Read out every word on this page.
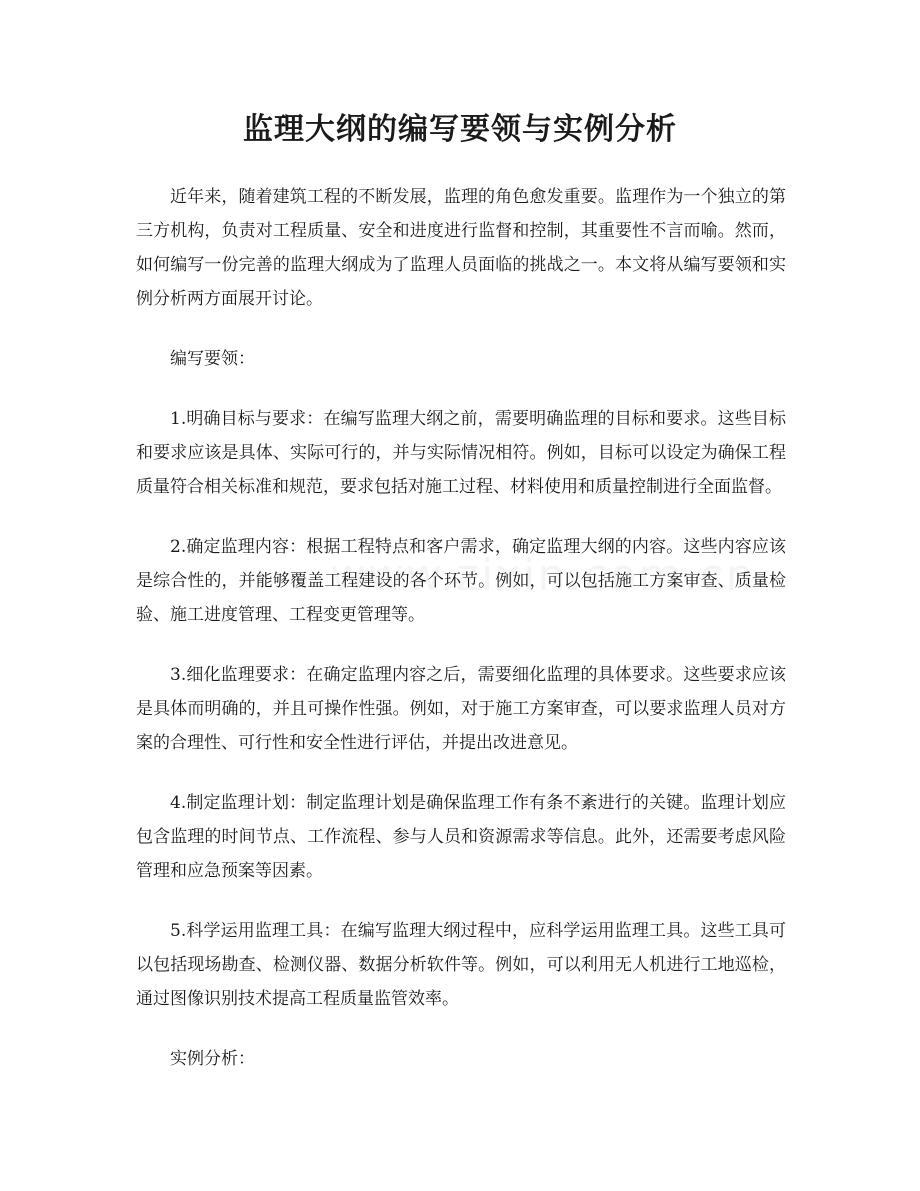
监理大纲的编写要领与实例分析

近年来，随着建筑工程的不断发展，监理的角色愈发重要。监理作为一个独立的第三方机构，负责对工程质量、安全和进度进行监督和控制，其重要性不言而喻。然而，如何编写一份完善的监理大纲成为了监理人员面临的挑战之一。本文将从编写要领和实例分析两方面展开讨论。

编写要领：

1.明确目标与要求：在编写监理大纲之前，需要明确监理的目标和要求。这些目标和要求应该是具体、实际可行的，并与实际情况相符。例如，目标可以设定为确保工程质量符合相关标准和规范，要求包括对施工过程、材料使用和质量控制进行全面监督。

2.确定监理内容：根据工程特点和客户需求，确定监理大纲的内容。这些内容应该是综合性的，并能够覆盖工程建设的各个环节。例如，可以包括施工方案审查、质量检验、施工进度管理、工程变更管理等。

3.细化监理要求：在确定监理内容之后，需要细化监理的具体要求。这些要求应该是具体而明确的，并且可操作性强。例如，对于施工方案审查，可以要求监理人员对方案的合理性、可行性和安全性进行评估，并提出改进意见。

4.制定监理计划：制定监理计划是确保监理工作有条不紊进行的关键。监理计划应包含监理的时间节点、工作流程、参与人员和资源需求等信息。此外，还需要考虑风险管理和应急预案等因素。

5.科学运用监理工具：在编写监理大纲过程中，应科学运用监理工具。这些工具可以包括现场勘查、检测仪器、数据分析软件等。例如，可以利用无人机进行工地巡检，通过图像识别技术提高工程质量监管效率。

实例分析：
